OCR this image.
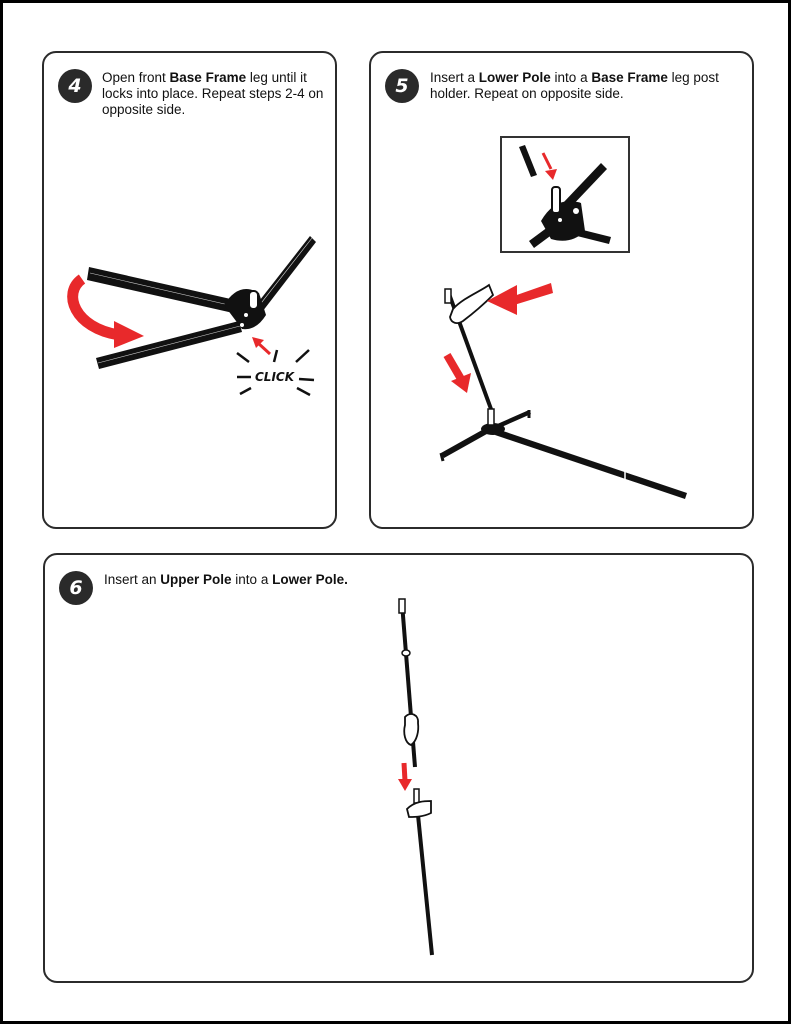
4	Open front Base Frame leg until it locks into place. Repeat steps 2-4 on opposite side.
CLICK
5	Insert a Lower Pole into a Base Frame leg post holder. Repeat on opposite side.
6	Insert an Upper Pole into a Lower Pole.
